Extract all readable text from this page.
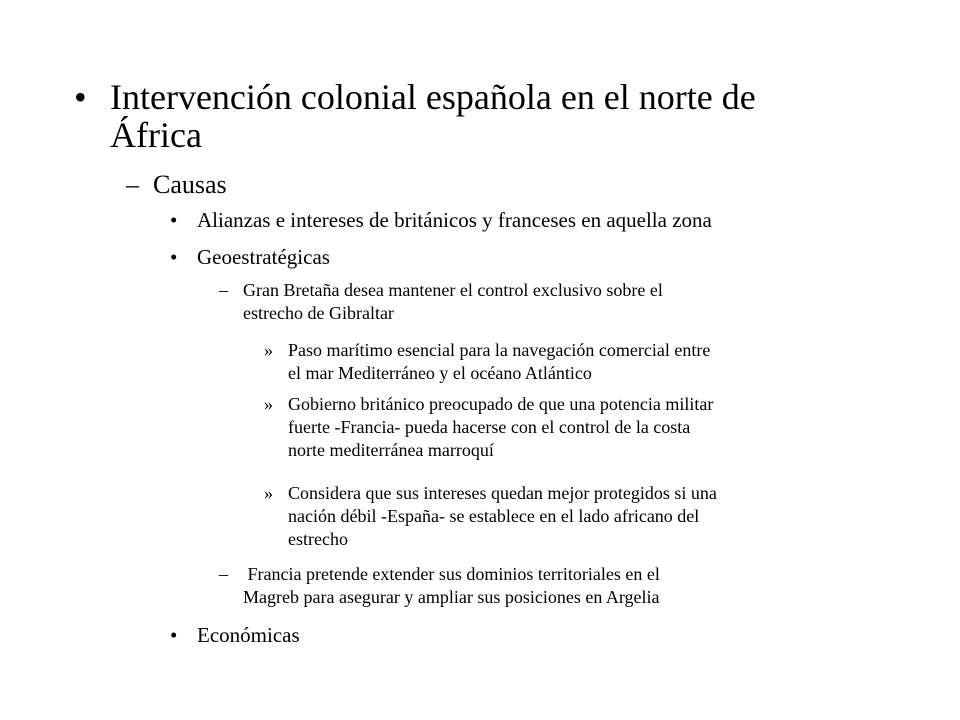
• Intervención colonial española en el norte de
África
– Causas
• Alianzas e intereses de británicos y franceses en aquella zona
• Geoestratégicas
– Gran Bretaña desea mantener el control exclusivo sobre el
estrecho de Gibraltar
» Paso marítimo esencial para la navegación comercial entre
el mar Mediterráneo y el océano Atlántico
» Gobierno británico preocupado de que una potencia militar
fuerte -Francia- pueda hacerse con el control de la costa
norte mediterránea marroquí
» Considera que sus intereses quedan mejor protegidos si una
nación débil -España- se establece en el lado africano del
estrecho
– Francia pretende extender sus dominios territoriales en el
Magreb para asegurar y ampliar sus posiciones en Argelia
• Económicas
